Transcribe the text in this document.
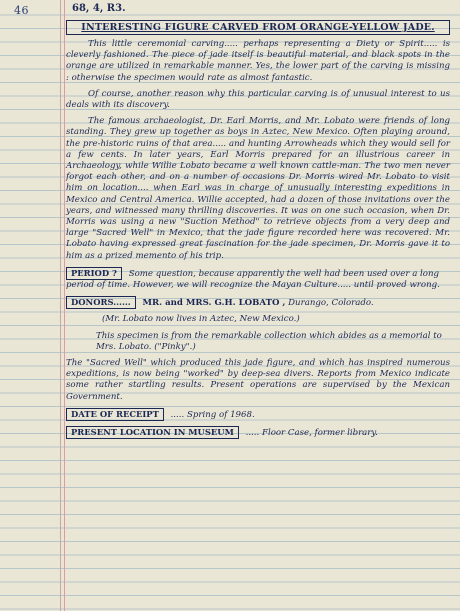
46	68, 4, R3.
INTERESTING FIGURE CARVED FROM ORANGE-YELLOW JADE.

This little ceremonial carving..... perhaps representing a Diety or Spirit..... is cleverly fashioned. The piece of jade itself is beautiful material, and black spots in the orange are utilized in remarkable manner. Yes, the lower part of the carving is missing : otherwise the specimen would rate as almost fantastic.

Of course, another reason why this particular carving is of unusual interest to us deals with its discovery.

The famous archaeologist, Dr. Earl Morris, and Mr. Lobato were friends of long standing. They grew up together as boys in Aztec, New Mexico. Often playing around, the pre-historic ruins of that area..... and hunting Arrowheads which they would sell for a few cents. In later years, Earl Morris prepared for an illustrious career in Archaeology, while Willie Lobato became a well known cattle-man. The two men never forgot each other, and on a number of occasions Dr. Morris wired Mr. Lobato to visit him on location.... when Earl was in charge of unusually interesting expeditions in Mexico and Central America. Willie accepted, had a dozen of those invitations over the years, and witnessed many thrilling discoveries. It was on one such occasion, when Dr. Morris was using a new "Suction Method" to retrieve objects from a very deep and large "Sacred Well" in Mexico, that the jade figure recorded here was recovered. Mr. Lobato having expressed great fascination for the jade specimen, Dr. Morris gave it to him as a prized memento of his trip.

PERIOD ? Some question, because apparently the well had been used over a long period of time. However, we will recognize the Mayan Culture..... until proved wrong.
DONORS...... MR. and MRS. G.H. LOBATO , Durango, Colorado.
(Mr. Lobato now lives in Aztec, New Mexico.)
This specimen is from the remarkable collection which abides as a memorial to Mrs. Lobato. ("Pinky".)

The "Sacred Well" which produced this jade figure, and which has inspired numerous expeditions, is now being "worked" by deep-sea divers. Reports from Mexico indicate some rather startling results. Present operations are supervised by the Mexican Government.

DATE OF RECEIPT ..... Spring of 1968.
PRESENT LOCATION IN MUSEUM ..... Floor Case, former library.
